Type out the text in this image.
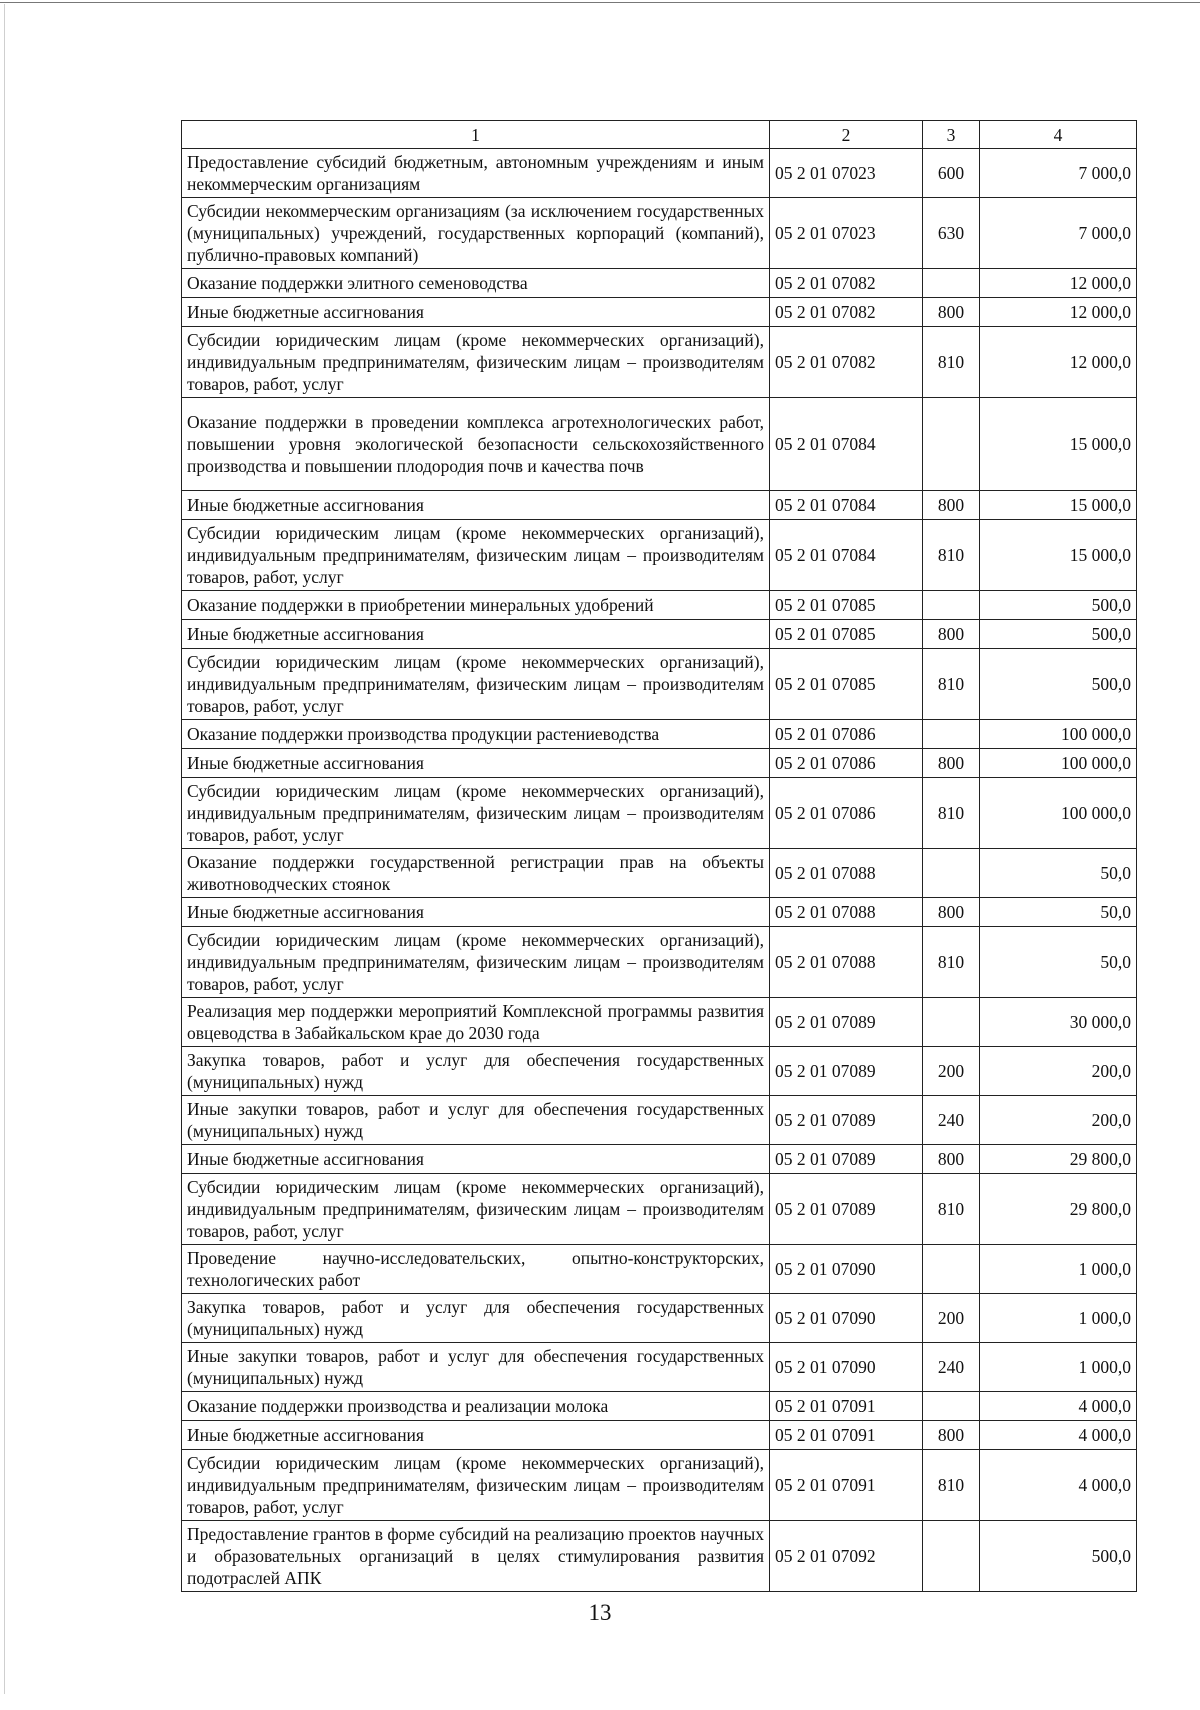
1	2	3	4
Предоставление субсидий бюджетным, автономным учреждениям и иным некоммерческим организациям	05 2 01 07023	600	7 000,0
Субсидии некоммерческим организациям (за исключением государственных (муниципальных) учреждений, государственных корпораций (компаний), публично-правовых компаний)	05 2 01 07023	630	7 000,0
Оказание поддержки элитного семеноводства	05 2 01 07082		12 000,0
Иные бюджетные ассигнования	05 2 01 07082	800	12 000,0
Субсидии юридическим лицам (кроме некоммерческих организаций), индивидуальным предпринимателям, физическим лицам – производителям товаров, работ, услуг	05 2 01 07082	810	12 000,0
Оказание поддержки в проведении комплекса агротехнологических работ, повышении уровня экологической безопасности сельскохозяйственного производства и повышении плодородия почв и качества почв	05 2 01 07084		15 000,0
Иные бюджетные ассигнования	05 2 01 07084	800	15 000,0
Субсидии юридическим лицам (кроме некоммерческих организаций), индивидуальным предпринимателям, физическим лицам – производителям товаров, работ, услуг	05 2 01 07084	810	15 000,0
Оказание поддержки в приобретении минеральных удобрений	05 2 01 07085		500,0
Иные бюджетные ассигнования	05 2 01 07085	800	500,0
Субсидии юридическим лицам (кроме некоммерческих организаций), индивидуальным предпринимателям, физическим лицам – производителям товаров, работ, услуг	05 2 01 07085	810	500,0
Оказание поддержки производства продукции растениеводства	05 2 01 07086		100 000,0
Иные бюджетные ассигнования	05 2 01 07086	800	100 000,0
Субсидии юридическим лицам (кроме некоммерческих организаций), индивидуальным предпринимателям, физическим лицам – производителям товаров, работ, услуг	05 2 01 07086	810	100 000,0
Оказание поддержки государственной регистрации прав на объекты животноводческих стоянок	05 2 01 07088		50,0
Иные бюджетные ассигнования	05 2 01 07088	800	50,0
Субсидии юридическим лицам (кроме некоммерческих организаций), индивидуальным предпринимателям, физическим лицам – производителям товаров, работ, услуг	05 2 01 07088	810	50,0
Реализация мер поддержки мероприятий Комплексной программы развития овцеводства в Забайкальском крае до 2030 года	05 2 01 07089		30 000,0
Закупка товаров, работ и услуг для обеспечения государственных (муниципальных) нужд	05 2 01 07089	200	200,0
Иные закупки товаров, работ и услуг для обеспечения государственных (муниципальных) нужд	05 2 01 07089	240	200,0
Иные бюджетные ассигнования	05 2 01 07089	800	29 800,0
Субсидии юридическим лицам (кроме некоммерческих организаций), индивидуальным предпринимателям, физическим лицам – производителям товаров, работ, услуг	05 2 01 07089	810	29 800,0
Проведение научно-исследовательских, опытно-конструкторских, технологических работ	05 2 01 07090		1 000,0
Закупка товаров, работ и услуг для обеспечения государственных (муниципальных) нужд	05 2 01 07090	200	1 000,0
Иные закупки товаров, работ и услуг для обеспечения государственных (муниципальных) нужд	05 2 01 07090	240	1 000,0
Оказание поддержки производства и реализации молока	05 2 01 07091		4 000,0
Иные бюджетные ассигнования	05 2 01 07091	800	4 000,0
Субсидии юридическим лицам (кроме некоммерческих организаций), индивидуальным предпринимателям, физическим лицам – производителям товаров, работ, услуг	05 2 01 07091	810	4 000,0
Предоставление грантов в форме субсидий на реализацию проектов научных и образовательных организаций в целях стимулирования развития подотраслей АПК	05 2 01 07092		500,0
13
